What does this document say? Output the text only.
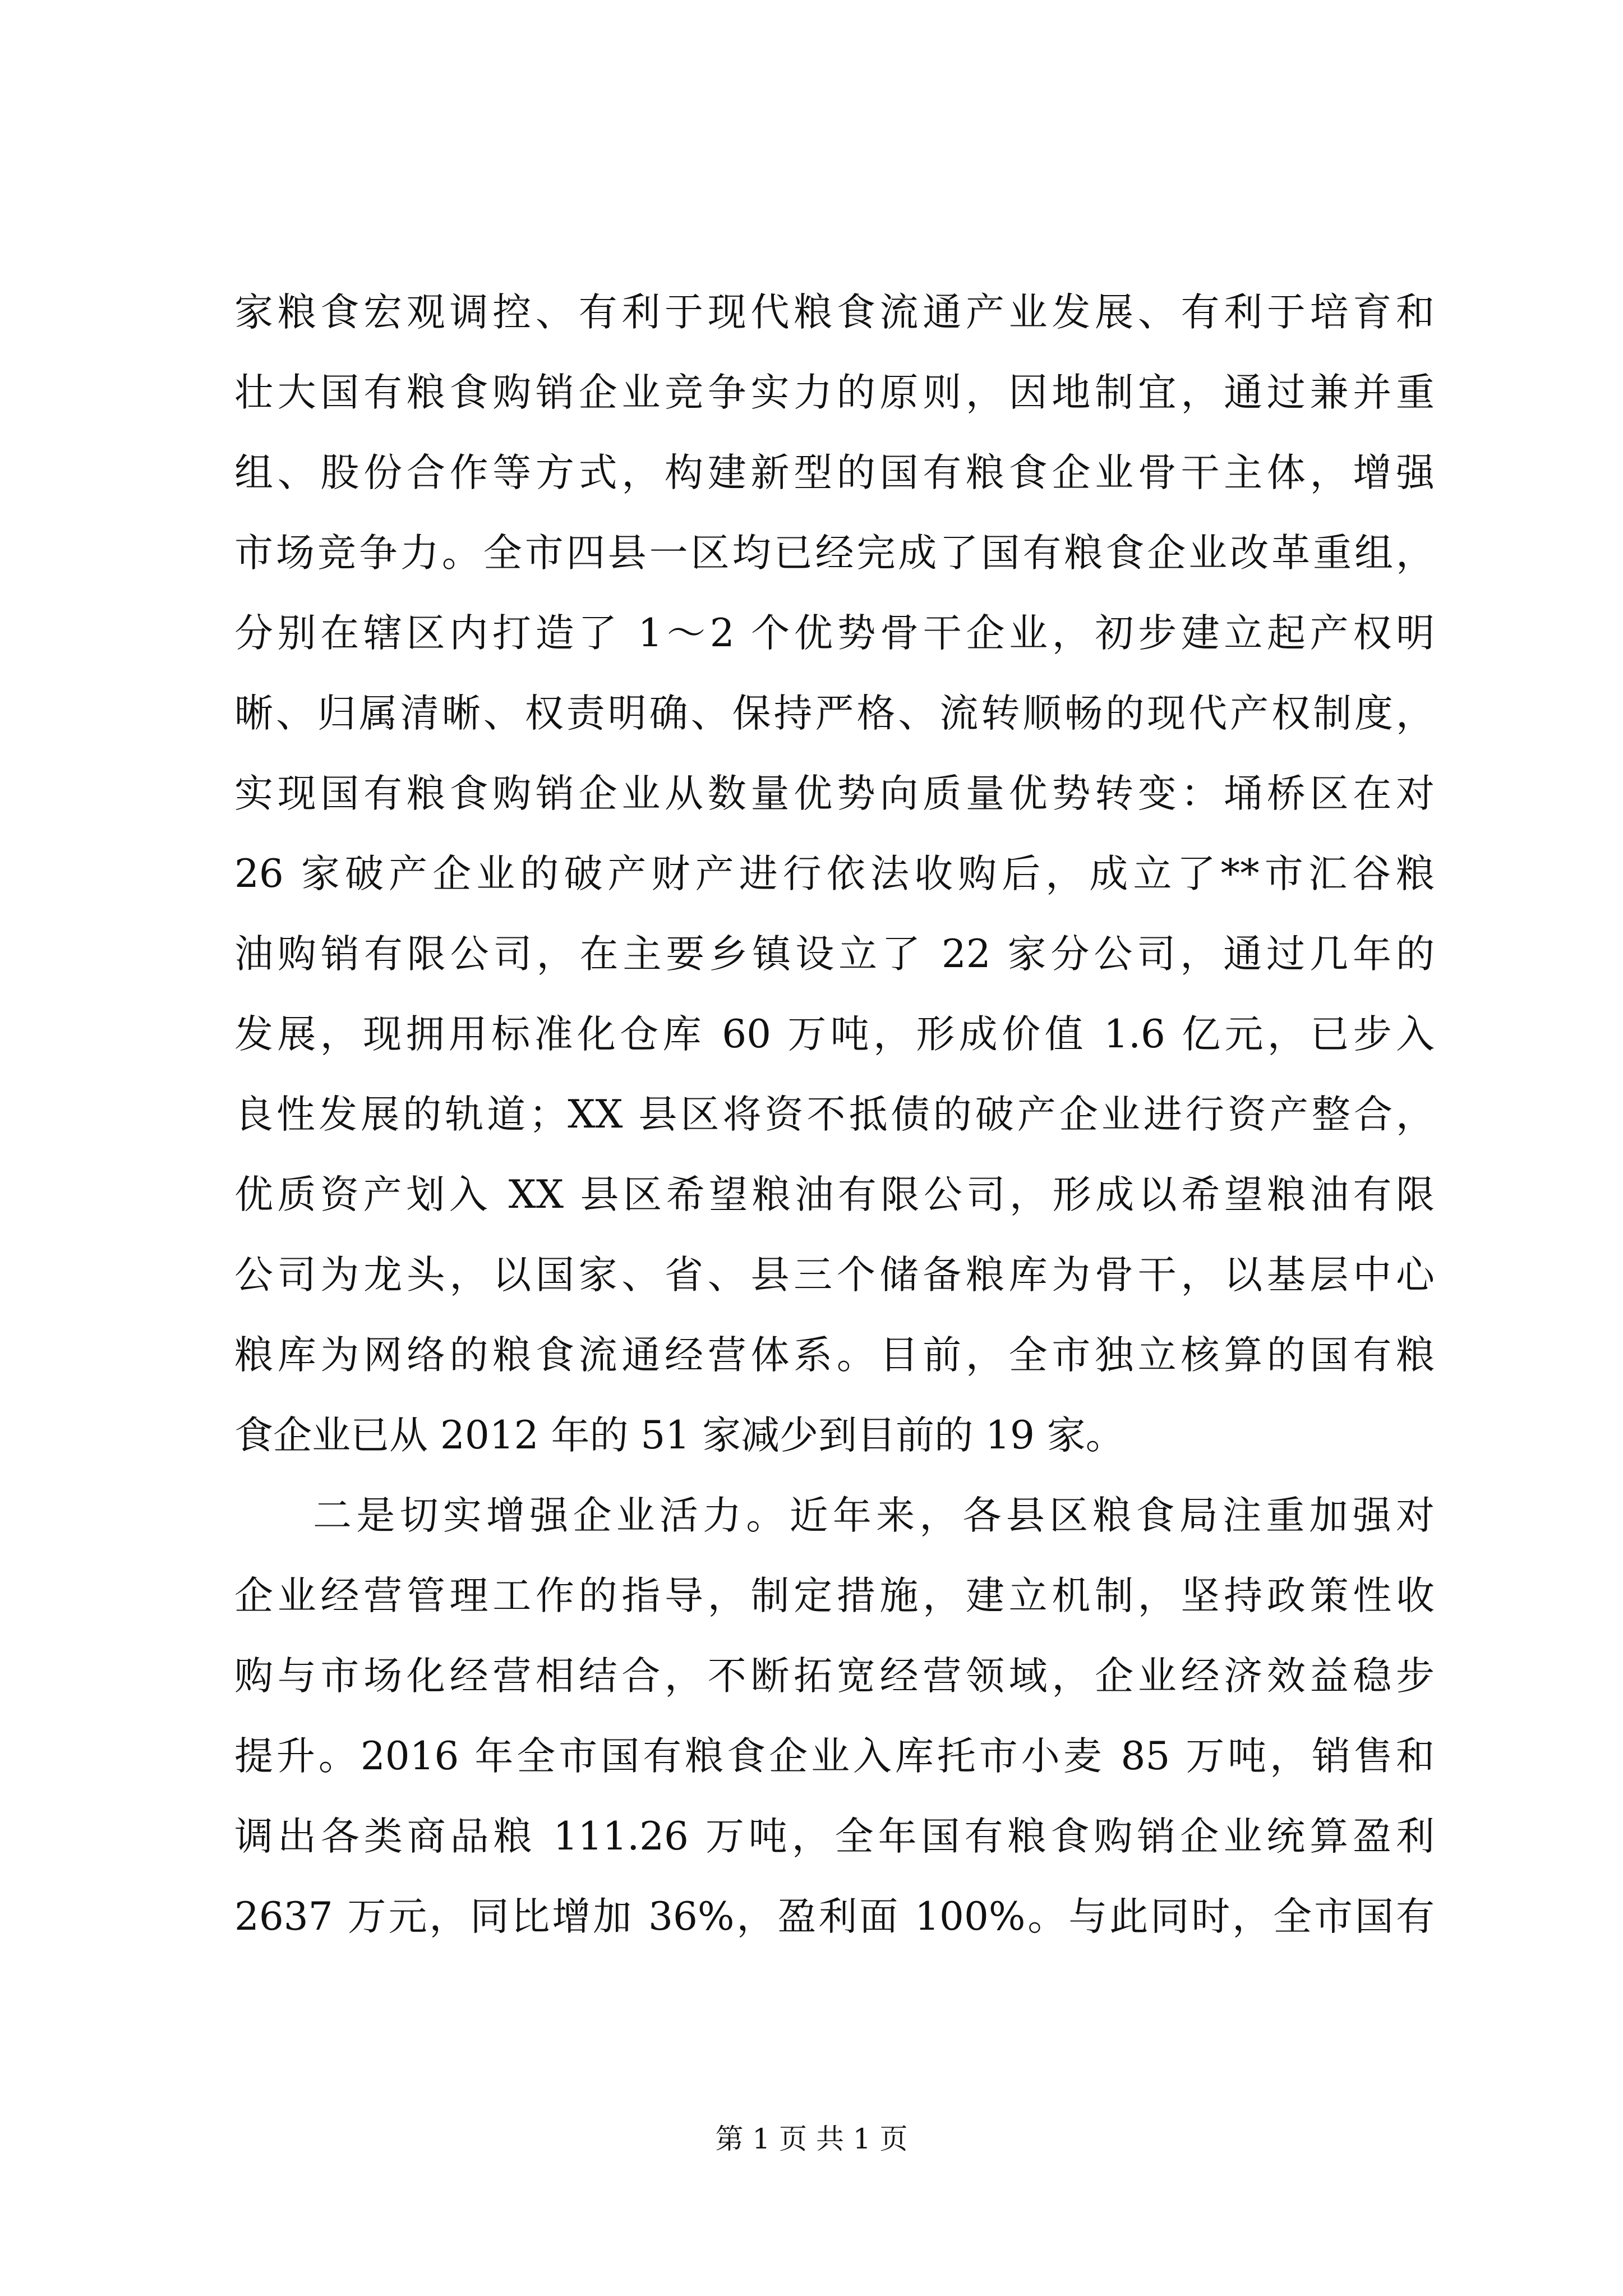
家粮食宏观调控、有利于现代粮食流通产业发展、有利于培育和
壮大国有粮食购销企业竞争实力的原则，因地制宜，通过兼并重
组、股份合作等方式，构建新型的国有粮食企业骨干主体，增强
市场竞争力。全市四县一区均已经完成了国有粮食企业改革重组，
分别在辖区内打造了 1～2 个优势骨干企业，初步建立起产权明
晰、归属清晰、权责明确、保持严格、流转顺畅的现代产权制度，
实现国有粮食购销企业从数量优势向质量优势转变：埇桥区在对
26 家破产企业的破产财产进行依法收购后，成立了**市汇谷粮
油购销有限公司，在主要乡镇设立了 22 家分公司，通过几年的
发展，现拥用标准化仓库 60 万吨，形成价值 1.6 亿元，已步入
良性发展的轨道；XX 县区将资不抵债的破产企业进行资产整合，
优质资产划入 XX 县区希望粮油有限公司，形成以希望粮油有限
公司为龙头，以国家、省、县三个储备粮库为骨干，以基层中心
粮库为网络的粮食流通经营体系。目前，全市独立核算的国有粮
食企业已从 2012 年的 51 家减少到目前的 19 家。
二是切实增强企业活力。近年来，各县区粮食局注重加强对
企业经营管理工作的指导，制定措施，建立机制，坚持政策性收
购与市场化经营相结合，不断拓宽经营领域，企业经济效益稳步
提升。2016 年全市国有粮食企业入库托市小麦 85 万吨，销售和
调出各类商品粮 111.26 万吨，全年国有粮食购销企业统算盈利
2637 万元，同比增加 36%，盈利面 100%。与此同时，全市国有
第 1 页 共 1 页
